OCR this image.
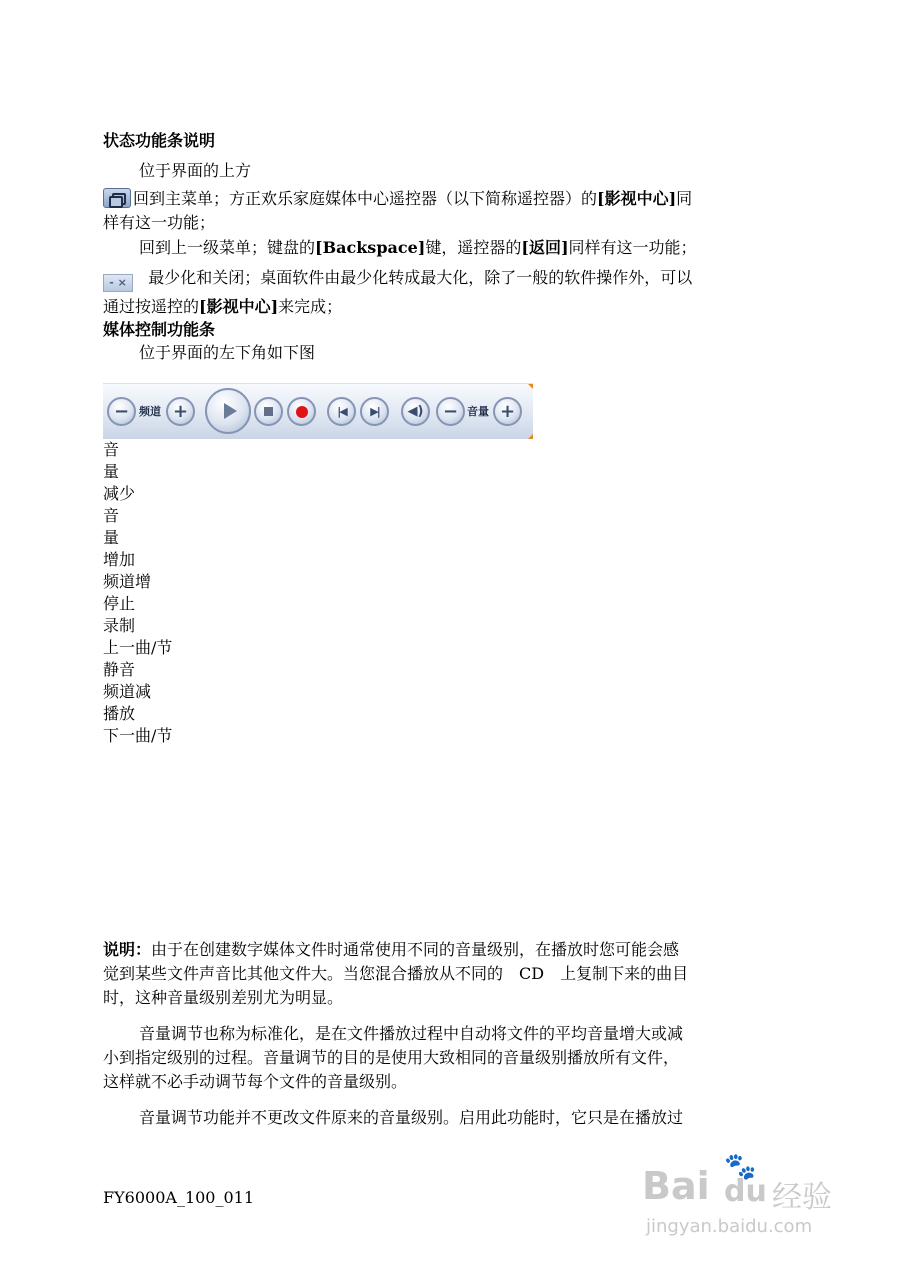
状态功能条说明
位于界面的上方
回到主菜单；方正欢乐家庭媒体中心遥控器（以下简称遥控器）的[影视中心]同
样有这一功能；
回到上一级菜单；键盘的[Backspace]键，遥控器的[返回]同样有这一功能；
- × 最少化和关闭；桌面软件由最少化转成最大化，除了一般的软件操作外，可以
通过按遥控的[影视中心]来完成；
媒体控制功能条
位于界面的左下角如下图
− 频道 +	|◀ ▶| ◀) − 音量 +
音
量
减少
音
量
增加
频道增
停止
录制
上一曲/节
静音
频道减
播放
下一曲/节
说明：由于在创建数字媒体文件时通常使用不同的音量级别，在播放时您可能会感
觉到某些文件声音比其他文件大。当您混合播放从不同的　CD　上复制下来的曲目
时，这种音量级别差别尤为明显。
音量调节也称为标准化，是在文件播放过程中自动将文件的平均音量增大或减
小到指定级别的过程。音量调节的目的是使用大致相同的音量级别播放所有文件，
这样就不必手动调节每个文件的音量级别。
音量调节功能并不更改文件原来的音量级别。启用此功能时，它只是在播放过
FY6000A_100_011	Bai 🐾
du 经验
jingyan.baidu.com
